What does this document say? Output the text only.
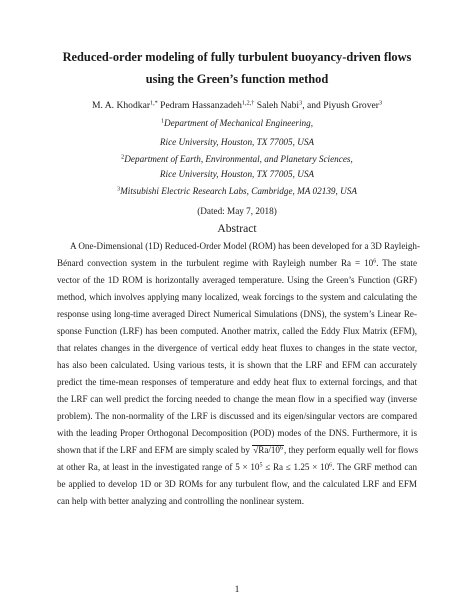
Reduced-order modeling of fully turbulent buoyancy-driven flows
using the Green’s function method
M. A. Khodkar$^{1,*}$ Pedram Hassanzadeh$^{1,2,\dagger}$ Saleh Nabi$^3$, and Piyush Grover$^3$
$^1$Department of Mechanical Engineering,
Rice University, Houston, TX 77005, USA
$^2$Department of Earth, Environmental, and Planetary Sciences,
Rice University, Houston, TX 77005, USA
$^3$Mitsubishi Electric Research Labs, Cambridge, MA 02139, USA
(Dated: May 7, 2018)
Abstract
A One-Dimensional (1D) Reduced-Order Model (ROM) has been developed for a 3D Rayleigh-
Bénard convection system in the turbulent regime with Rayleigh number $Ra = 10^6$. The state
vector of the 1D ROM is horizontally averaged temperature. Using the Green’s Function (GRF)
method, which involves applying many localized, weak forcings to the system and calculating the
response using long-time averaged Direct Numerical Simulations (DNS), the system’s Linear Re-
sponse Function (LRF) has been computed. Another matrix, called the Eddy Flux Matrix (EFM),
that relates changes in the divergence of vertical eddy heat fluxes to changes in the state vector,
has also been calculated. Using various tests, it is shown that the LRF and EFM can accurately
predict the time-mean responses of temperature and eddy heat flux to external forcings, and that
the LRF can well predict the forcing needed to change the mean flow in a specified way (inverse
problem). The non-normality of the LRF is discussed and its eigen/singular vectors are compared
with the leading Proper Orthogonal Decomposition (POD) modes of the DNS. Furthermore, it is
shown that if the LRF and EFM are simply scaled by $√Ra/10^6$, they perform equally well for flows
at other Ra, at least in the investigated range of $5 \times 10^5 \le Ra \le 1.25 \times 10^6$. The GRF method can
be applied to develop 1D or 3D ROMs for any turbulent flow, and the calculated LRF and EFM
can help with better analyzing and controlling the nonlinear system.
1
